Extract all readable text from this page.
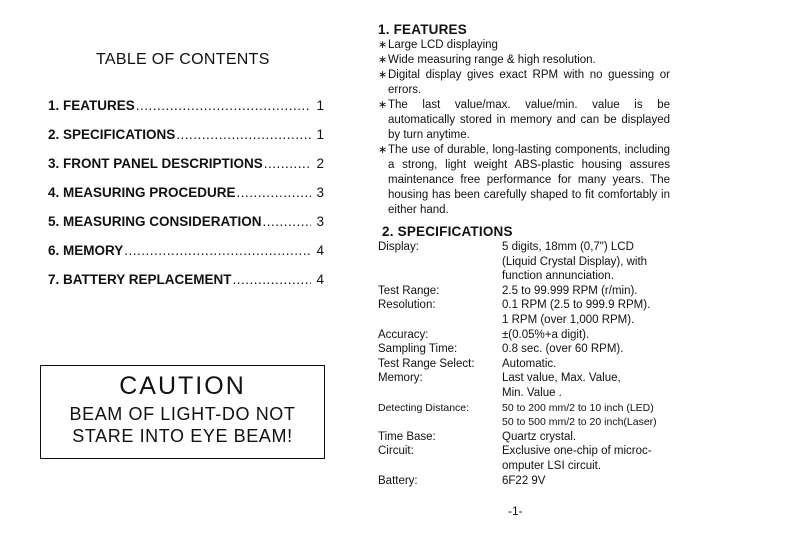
TABLE OF CONTENTS
1. FEATURES .....	1
2. SPECIFICATIONS .....	1
3. FRONT PANEL DESCRIPTIONS .....	2
4. MEASURING PROCEDURE .....	3
5. MEASURING CONSIDERATION .....	3
6. MEMORY .....	4
7. BATTERY REPLACEMENT .....	4
CAUTION
BEAM OF LIGHT-DO NOT
STARE INTO EYE BEAM!
1. FEATURES
∗ Large LCD displaying
∗ Wide measuring range & high resolution.
∗ Digital display gives exact RPM with no guessing or errors.
∗ The last value/max. value/min. value is be automatically stored in memory and can be displayed by turn anytime.
∗ The use of durable, long-lasting components, including a strong, light weight ABS-plastic housing assures maintenance free performance for many years. The housing has been carefully shaped to fit comfortably in either hand.
2. SPECIFICATIONS
Display:	5 digits, 18mm (0,7") LCD
(Liquid Crystal Display), with
function annunciation.
Test Range:	2.5 to 99.999 RPM (r/min).
Resolution:	0.1 RPM (2.5 to 999.9 RPM).
1 RPM (over 1,000 RPM).
Accuracy:	±(0.05%+a digit).
Sampling Time:	0.8 sec. (over 60 RPM).
Test Range Select:	Automatic.
Memory:	Last value, Max. Value,
Min. Value .
Detecting Distance:	50 to 200 mm/2 to 10 inch (LED)
50 to 500 mm/2 to 20 inch(Laser)
Time Base:	Quartz crystal.
Circuit:	Exclusive one-chip of microc-
omputer LSI circuit.
Battery:	6F22 9V
-1-
